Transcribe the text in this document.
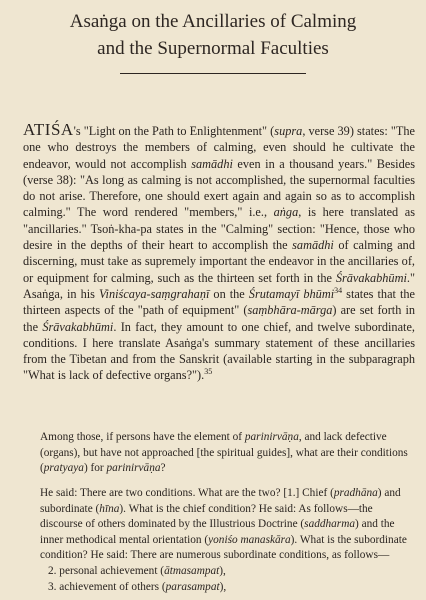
Asaṅga on the Ancillaries of Calming
and the Supernormal Faculties

ATIŚA's "Light on the Path to Enlightenment" (supra, verse 39) states: "The one who destroys the members of calming, even should he cultivate the endeavor, would not accomplish samādhi even in a thousand years." Besides (verse 38): "As long as calming is not accomplished, the supernormal faculties do not arise. Therefore, one should exert again and again so as to accomplish calming." The word rendered "members," i.e., aṅga, is here translated as "ancillaries." Tsoṅ-kha-pa states in the "Calming" section: "Hence, those who desire in the depths of their heart to accomplish the samādhi of calming and discerning, must take as supremely important the endeavor in the ancillaries of, or equipment for calming, such as the thirteen set forth in the Śrāvakabhūmi." Asaṅga, in his Viniścaya-saṃgrahaṇī on the Śrutamayī bhūmi$^{34}$ states that the thirteen aspects of the "path of equipment" (saṃbhāra-mārga) are set forth in the Śrāvakabhūmi. In fact, they amount to one chief, and twelve subordinate, conditions. I here translate Asaṅga's summary statement of these ancillaries from the Tibetan and from the Sanskrit (available starting in the subparagraph "What is lack of defective organs?").$^{35}$

Among those, if persons have the element of parinirvāṇa, and lack defective (organs), but have not approached [the spiritual guides], what are their conditions (pratyaya) for parinirvāṇa?

He said: There are two conditions. What are the two? [1.] Chief (pradhāna) and subordinate (hīna). What is the chief condition? He said: As follows—the discourse of others dominated by the Illustrious Doctrine (saddharma) and the inner methodical mental orientation (yoniśo manaskāra). What is the subordinate condition? He said: There are numerous subordinate conditions, as follows—

2. personal achievement (ātmasampat),

3. achievement of others (parasampat),
